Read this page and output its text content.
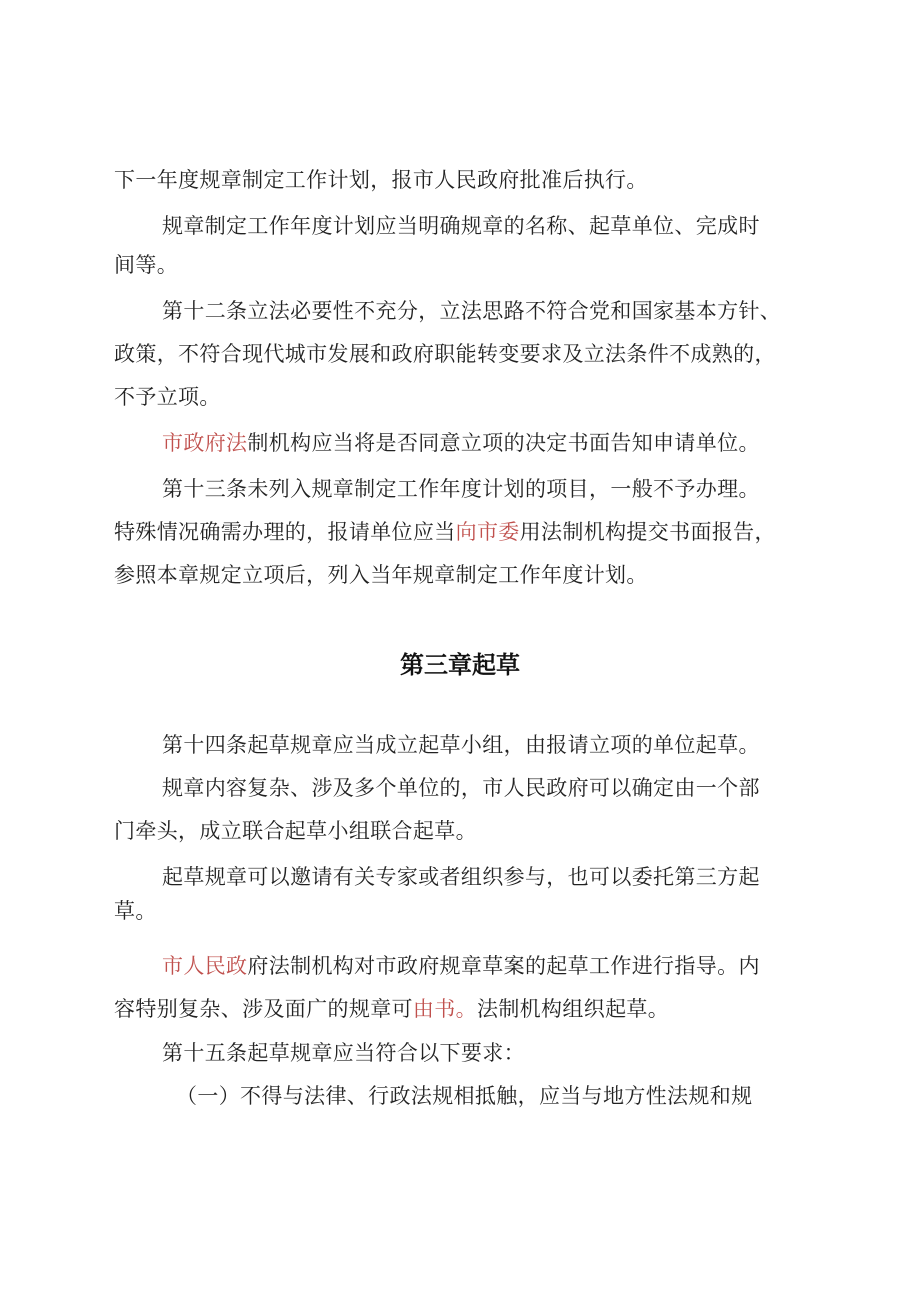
下一年度规章制定工作计划，报市人民政府批准后执行。

规章制定工作年度计划应当明确规章的名称、起草单位、完成时

间等。

第十二条立法必要性不充分，立法思路不符合党和国家基本方针、

政策，不符合现代城市发展和政府职能转变要求及立法条件不成熟的，

不予立项。

市政府法制机构应当将是否同意立项的决定书面告知申请单位。

第十三条未列入规章制定工作年度计划的项目，一般不予办理。

特殊情况确需办理的，报请单位应当向市委用法制机构提交书面报告，

参照本章规定立项后，列入当年规章制定工作年度计划。

第三章起草

第十四条起草规章应当成立起草小组，由报请立项的单位起草。

规章内容复杂、涉及多个单位的，市人民政府可以确定由一个部

门牵头，成立联合起草小组联合起草。

起草规章可以邀请有关专家或者组织参与，也可以委托第三方起

草。

市人民政府法制机构对市政府规章草案的起草工作进行指导。内

容特别复杂、涉及面广的规章可由书。法制机构组织起草。

第十五条起草规章应当符合以下要求：

（一）不得与法律、行政法规相抵触，应当与地方性法规和规
